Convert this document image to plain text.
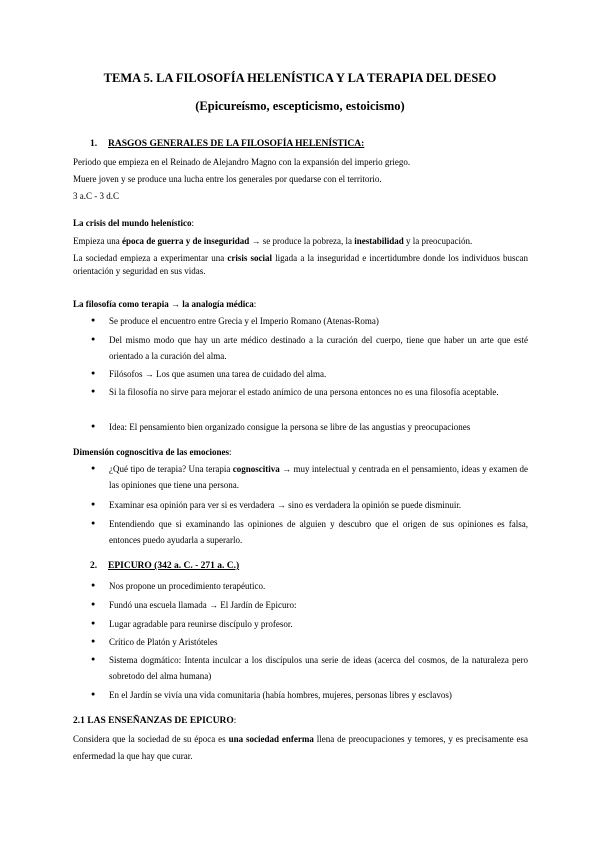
TEMA 5. LA FILOSOFÍA HELENÍSTICA Y LA TERAPIA DEL DESEO
(Epicureísmo, escepticismo, estoicismo)
1. RASGOS GENERALES DE LA FILOSOFÍA HELENÍSTICA:
Periodo que empieza en el Reinado de Alejandro Magno con la expansión del imperio griego.
Muere joven y se produce una lucha entre los generales por quedarse con el territorio.
3 a.C - 3 d.C
La crisis del mundo helenístico:
Empieza una época de guerra y de inseguridad → se produce la pobreza, la inestabilidad y la preocupación.
La sociedad empieza a experimentar una crisis social ligada a la inseguridad e incertidumbre donde los individuos buscan orientación y seguridad en sus vidas.
La filosofía como terapia → la analogía médica:
● Se produce el encuentro entre Grecia y el Imperio Romano (Atenas-Roma)
● Del mismo modo que hay un arte médico destinado a la curación del cuerpo, tiene que haber un arte que esté orientado a la curación del alma.
● Filósofos → Los que asumen una tarea de cuidado del alma.
● Si la filosofía no sirve para mejorar el estado anímico de una persona entonces no es una filosofía aceptable.
● Idea: El pensamiento bien organizado consigue la persona se libre de las angustias y preocupaciones
Dimensión cognoscitiva de las emociones:
● ¿Qué tipo de terapia? Una terapia cognoscitiva → muy intelectual y centrada en el pensamiento, ideas y examen de las opiniones que tiene una persona.
● Examinar esa opinión para ver si es verdadera → sino es verdadera la opinión se puede disminuir.
● Entendiendo que si examinando las opiniones de alguien y descubro que el origen de sus opiniones es falsa, entonces puedo ayudarla a superarlo.
2. EPICURO (342 a. C. - 271 a. C.)
● Nos propone un procedimiento terapéutico.
● Fundó una escuela llamada → El Jardín de Epicuro:
● Lugar agradable para reunirse discípulo y profesor.
● Crítico de Platón y Aristóteles
● Sistema dogmático: Intenta inculcar a los discípulos una serie de ideas (acerca del cosmos, de la naturaleza pero sobretodo del alma humana)
● En el Jardín se vivía una vida comunitaria (había hombres, mujeres, personas libres y esclavos)
2.1 LAS ENSEÑANZAS DE EPICURO:
Considera que la sociedad de su época es una sociedad enferma llena de preocupaciones y temores, y es precisamente esa enfermedad la que hay que curar.
